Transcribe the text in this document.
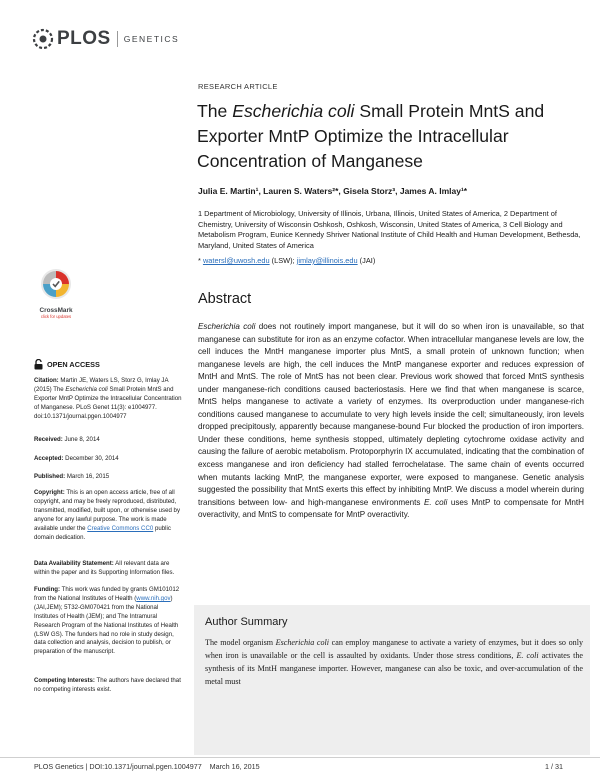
PLOS GENETICS
RESEARCH ARTICLE
The Escherichia coli Small Protein MntS and Exporter MntP Optimize the Intracellular Concentration of Manganese
Julia E. Martin¹, Lauren S. Waters²*, Gisela Storz³, James A. Imlay¹*
1 Department of Microbiology, University of Illinois, Urbana, Illinois, United States of America, 2 Department of Chemistry, University of Wisconsin Oshkosh, Oshkosh, Wisconsin, United States of America, 3 Cell Biology and Metabolism Program, Eunice Kennedy Shriver National Institute of Child Health and Human Development, Bethesda, Maryland, United States of America
* watersl@uwosh.edu (LSW); jimlay@illinois.edu (JAI)
CrossMark
click for updates
OPEN ACCESS
Citation: Martin JE, Waters LS, Storz G, Imlay JA (2015) The Escherichia coli Small Protein MntS and Exporter MntP Optimize the Intracellular Concentration of Manganese. PLoS Genet 11(3): e1004977. doi:10.1371/journal.pgen.1004977
Received: June 8, 2014
Accepted: December 30, 2014
Published: March 16, 2015
Copyright: This is an open access article, free of all copyright, and may be freely reproduced, distributed, transmitted, modified, built upon, or otherwise used by anyone for any lawful purpose. The work is made available under the Creative Commons CC0 public domain dedication.
Data Availability Statement: All relevant data are within the paper and its Supporting Information files.
Funding: This work was funded by grants GM101012 from the National Institutes of Health (www.nih.gov) (JAI,JEM); 5T32-GM070421 from the National Institutes of Health (JEM); and The Intramural Research Program of the National Institutes of Health (LSW GS). The funders had no role in study design, data collection and analysis, decision to publish, or preparation of the manuscript.
Competing Interests: The authors have declared that no competing interests exist.
Abstract
Escherichia coli does not routinely import manganese, but it will do so when iron is unavailable, so that manganese can substitute for iron as an enzyme cofactor. When intracellular manganese levels are low, the cell induces the MntH manganese importer plus MntS, a small protein of unknown function; when manganese levels are high, the cell induces the MntP manganese exporter and reduces expression of MntH and MntS. The role of MntS has not been clear. Previous work showed that forced MntS synthesis under manganese-rich conditions caused bacteriostasis. Here we find that when manganese is scarce, MntS helps manganese to activate a variety of enzymes. Its overproduction under manganese-rich conditions caused manganese to accumulate to very high levels inside the cell; simultaneously, iron levels dropped precipitously, apparently because manganese-bound Fur blocked the production of iron importers. Under these conditions, heme synthesis stopped, ultimately depleting cytochrome oxidase activity and causing the failure of aerobic metabolism. Protoporphyrin IX accumulated, indicating that the combination of excess manganese and iron deficiency had stalled ferrochelatase. The same chain of events occurred when mutants lacking MntP, the manganese exporter, were exposed to manganese. Genetic analysis suggested the possibility that MntS exerts this effect by inhibiting MntP. We discuss a model wherein during transitions between low- and high-manganese environments E. coli uses MntP to compensate for MntH overactivity, and MntS to compensate for MntP overactivity.
Author Summary
The model organism Escherichia coli can employ manganese to activate a variety of enzymes, but it does so only when iron is unavailable or the cell is assaulted by oxidants. Under those stress conditions, E. coli activates the synthesis of its MntH manganese importer. However, manganese can also be toxic, and over-accumulation of the metal must
PLOS Genetics | DOI:10.1371/journal.pgen.1004977    March 16, 2015	1 / 31
